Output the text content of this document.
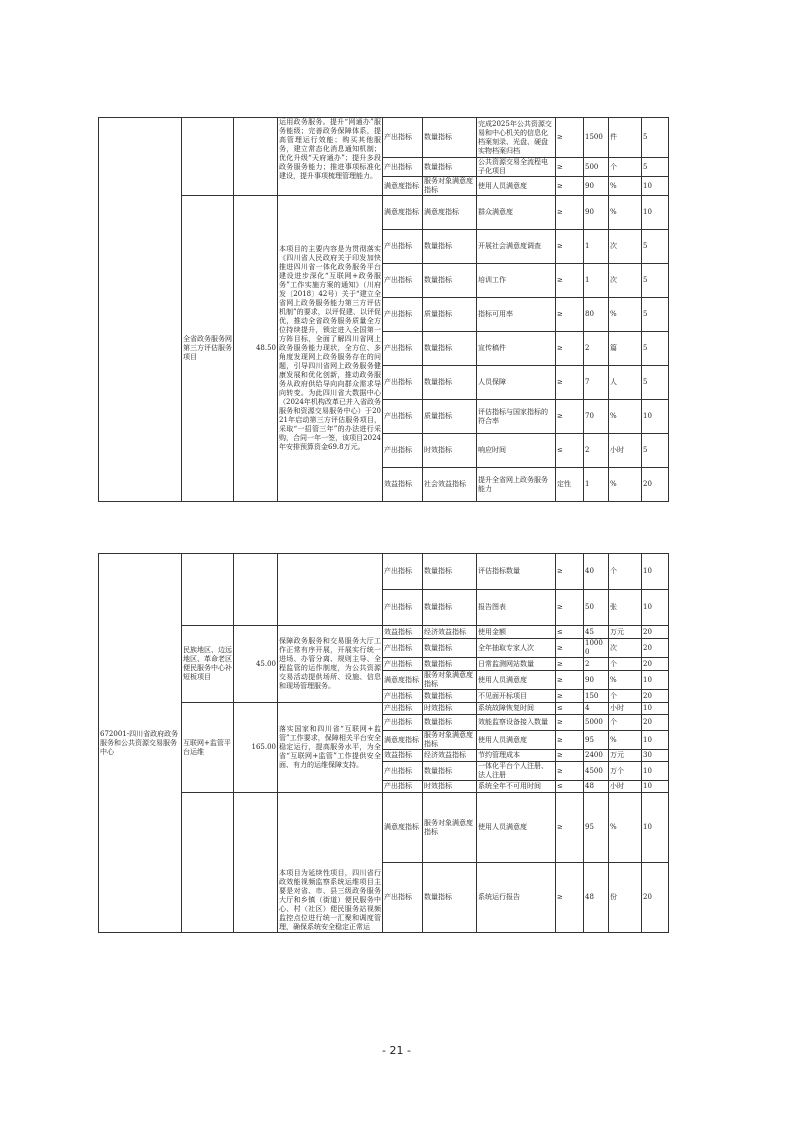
			运用政务服务。提升“网通办”服务能级；完善政务保障体系，提高管理运行效能；购买其他服务，建立常态化消息通知机制；优化升级“天府通办”；提升多段政务服务能力；推进事项标准化建设，提升事项梳理管理能力。	产出指标	数量指标	完成2025年公共资源交易和中心机关的信息化档案刻录、光盘、硬盘实物档案归档	≥	1500	件	5
				产出指标	数量指标	公共资源交易全流程电子化项目	≥	500	个	5
				满意度指标	服务对象满意度指标	使用人员满意度	≥	90	%	10
	全省政务服务网第三方评估服务项目	48.50	本项目的主要内容是为贯彻落实《四川省人民政府关于印发加快推进四川省一体化政务服务平台建设进步深化“互联网+政务服务”工作实施方案的通知》（川府发〔2018〕42号）关于“建立全省网上政务服务能力第三方评估机制”的要求，以评促建、以评促优，推动全省政务服务质量全方位持续提升，锁定进入全国第一方阵目标，全面了解四川省网上政务服务能力现状，全方位、多角度发现网上政务服务存在的问题，引导四川省网上政务服务健康发展和优化创新，推动政务服务从政府供给导向向群众需求导向转变。为此四川省大数据中心（2024年机构改革已并入省政务服务和资源交易服务中心）于2021年启动第三方评估服务项目，采取“一招管三年”的办法进行采购，合同一年一签，该项目2024年安排预算资金69.8万元。	满意度指标	满意度指标	群众满意度	≥	90	%	10
				产出指标	数量指标	开展社会满意度调查	≥	1	次	5
				产出指标	数量指标	培训工作	≥	1	次	5
				产出指标	质量指标	指标可用率	≥	80	%	5
				产出指标	数量指标	宣传稿件	≥	2	篇	5
				产出指标	数量指标	人员保障	≥	7	人	5
				产出指标	质量指标	评估指标与国家指标的符合率	≥	70	%	10
				产出指标	时效指标	响应时间	≤	2	小时	5
				效益指标	社会效益指标	提升全省网上政务服务能力	定性	1	%	20
672001-四川省政府政务服务和公共资源交易服务中心				产出指标	数量指标	评估指标数量	≥	40	个	10
				产出指标	数量指标	报告图表	≥	50	张	10
	民族地区、边远地区、革命老区便民服务中心补短板项目	45.00	保障政务服务和交易服务大厅工作正常有序开展，开展实行统一进场、办管分离、规则主导、全程监管的运作制度，为公共资源交易活动提供场所、设施、信息和现场管理服务。	效益指标	经济效益指标	使用金额	≤	45	万元	20
				产出指标	数量指标	全年抽取专家人次	≥	10000	次	20
				产出指标	数量指标	日常监测网站数量	≥	2	个	20
				满意度指标	服务对象满意度指标	使用人员满意度	≥	90	%	10
				产出指标	数量指标	不见面开标项目	≥	150	个	20
	互联网+监管平台运维	165.00	落实国家和四川省“互联网+监管”工作要求，保障相关平台安全稳定运行，提高服务水平，为全省“互联网+监管”工作提供安全面、有力的运维保障支持。	产出指标	时效指标	系统故障恢复时间	≤	4	小时	10
				产出指标	数量指标	效能监察设备接入数量	≥	5000	个	20
				满意度指标	服务对象满意度指标	使用人员满意度	≥	95	%	10
				效益指标	经济效益指标	节约管理成本	≥	2400	万元	30
				产出指标	数量指标	一体化平台个人注册、法人注册	≥	4500	万个	10
				产出指标	时效指标	系统全年不可用时间	≤	48	小时	10
			本项目为延续性项目，四川省行政效能视频监察系统运维项目主要是对省、市、县三级政务服务大厅和乡镇（街道）便民服务中心、村（社区）便民服务站视频监控点位进行统一汇聚和调度管理，确保系统安全稳定正常运	满意度指标	服务对象满意度指标	使用人员满意度	≥	95	%	10
				产出指标	数量指标	系统运行报告	≥	48	份	20
- 21 -
